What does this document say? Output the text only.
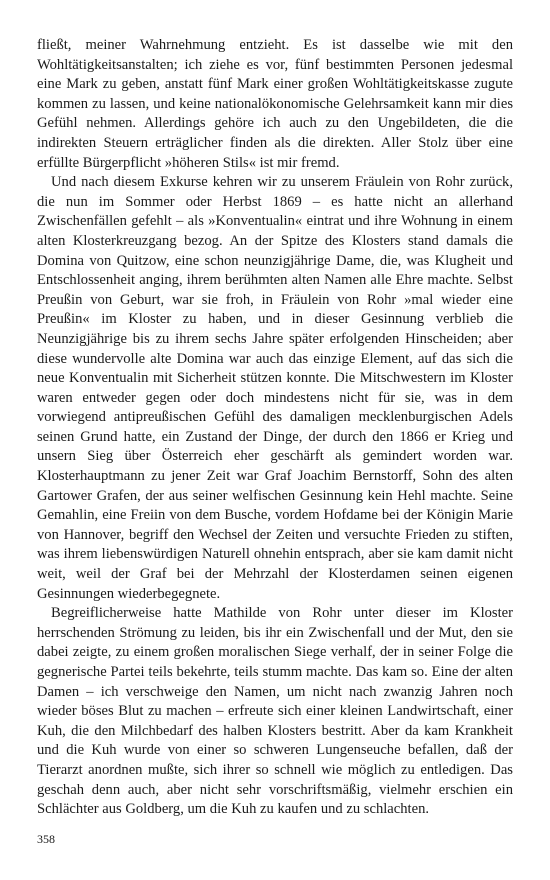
fließt, meiner Wahrnehmung entzieht. Es ist dasselbe wie mit den Wohltätigkeitsanstalten; ich ziehe es vor, fünf bestimmten Personen jedesmal eine Mark zu geben, anstatt fünf Mark einer großen Wohltätigkeitskasse zugute kommen zu lassen, und keine nationalökonomische Gelehrsamkeit kann mir dies Gefühl nehmen. Allerdings gehöre ich auch zu den Ungebildeten, die die indirekten Steuern erträglicher finden als die direkten. Aller Stolz über eine erfüllte Bürgerpflicht »höheren Stils« ist mir fremd.

Und nach diesem Exkurse kehren wir zu unserem Fräulein von Rohr zurück, die nun im Sommer oder Herbst 1869 – es hatte nicht an allerhand Zwischenfällen gefehlt – als »Konventualin« eintrat und ihre Wohnung in einem alten Klosterkreuzgang bezog. An der Spitze des Klosters stand damals die Domina von Quitzow, eine schon neunzigjährige Dame, die, was Klugheit und Entschlossenheit anging, ihrem berühmten alten Namen alle Ehre machte. Selbst Preußin von Geburt, war sie froh, in Fräulein von Rohr »mal wieder eine Preußin« im Kloster zu haben, und in dieser Gesinnung verblieb die Neunzigjährige bis zu ihrem sechs Jahre später erfolgenden Hinscheiden; aber diese wundervolle alte Domina war auch das einzige Element, auf das sich die neue Konventualin mit Sicherheit stützen konnte. Die Mitschwestern im Kloster waren entweder gegen oder doch mindestens nicht für sie, was in dem vorwiegend antipreußischen Gefühl des damaligen mecklenburgischen Adels seinen Grund hatte, ein Zustand der Dinge, der durch den 1866 er Krieg und unsern Sieg über Österreich eher geschärft als gemindert worden war. Klosterhauptmann zu jener Zeit war Graf Joachim Bernstorff, Sohn des alten Gartower Grafen, der aus seiner welfischen Gesinnung kein Hehl machte. Seine Gemahlin, eine Freiin von dem Busche, vordem Hofdame bei der Königin Marie von Hannover, begriff den Wechsel der Zeiten und versuchte Frieden zu stiften, was ihrem liebenswürdigen Naturell ohnehin entsprach, aber sie kam damit nicht weit, weil der Graf bei der Mehrzahl der Klosterdamen seinen eigenen Gesinnungen wiederbegegnete.

Begreiflicherweise hatte Mathilde von Rohr unter dieser im Kloster herrschenden Strömung zu leiden, bis ihr ein Zwischenfall und der Mut, den sie dabei zeigte, zu einem großen moralischen Siege verhalf, der in seiner Folge die gegnerische Partei teils bekehrte, teils stumm machte. Das kam so. Eine der alten Damen – ich verschweige den Namen, um nicht nach zwanzig Jahren noch wieder böses Blut zu machen – erfreute sich einer kleinen Landwirtschaft, einer Kuh, die den Milchbedarf des halben Klosters bestritt. Aber da kam Krankheit und die Kuh wurde von einer so schweren Lungenseuche befallen, daß der Tierarzt anordnen mußte, sich ihrer so schnell wie möglich zu entledigen. Das geschah denn auch, aber nicht sehr vorschriftsmäßig, vielmehr erschien ein Schlächter aus Goldberg, um die Kuh zu kaufen und zu schlachten.

358
